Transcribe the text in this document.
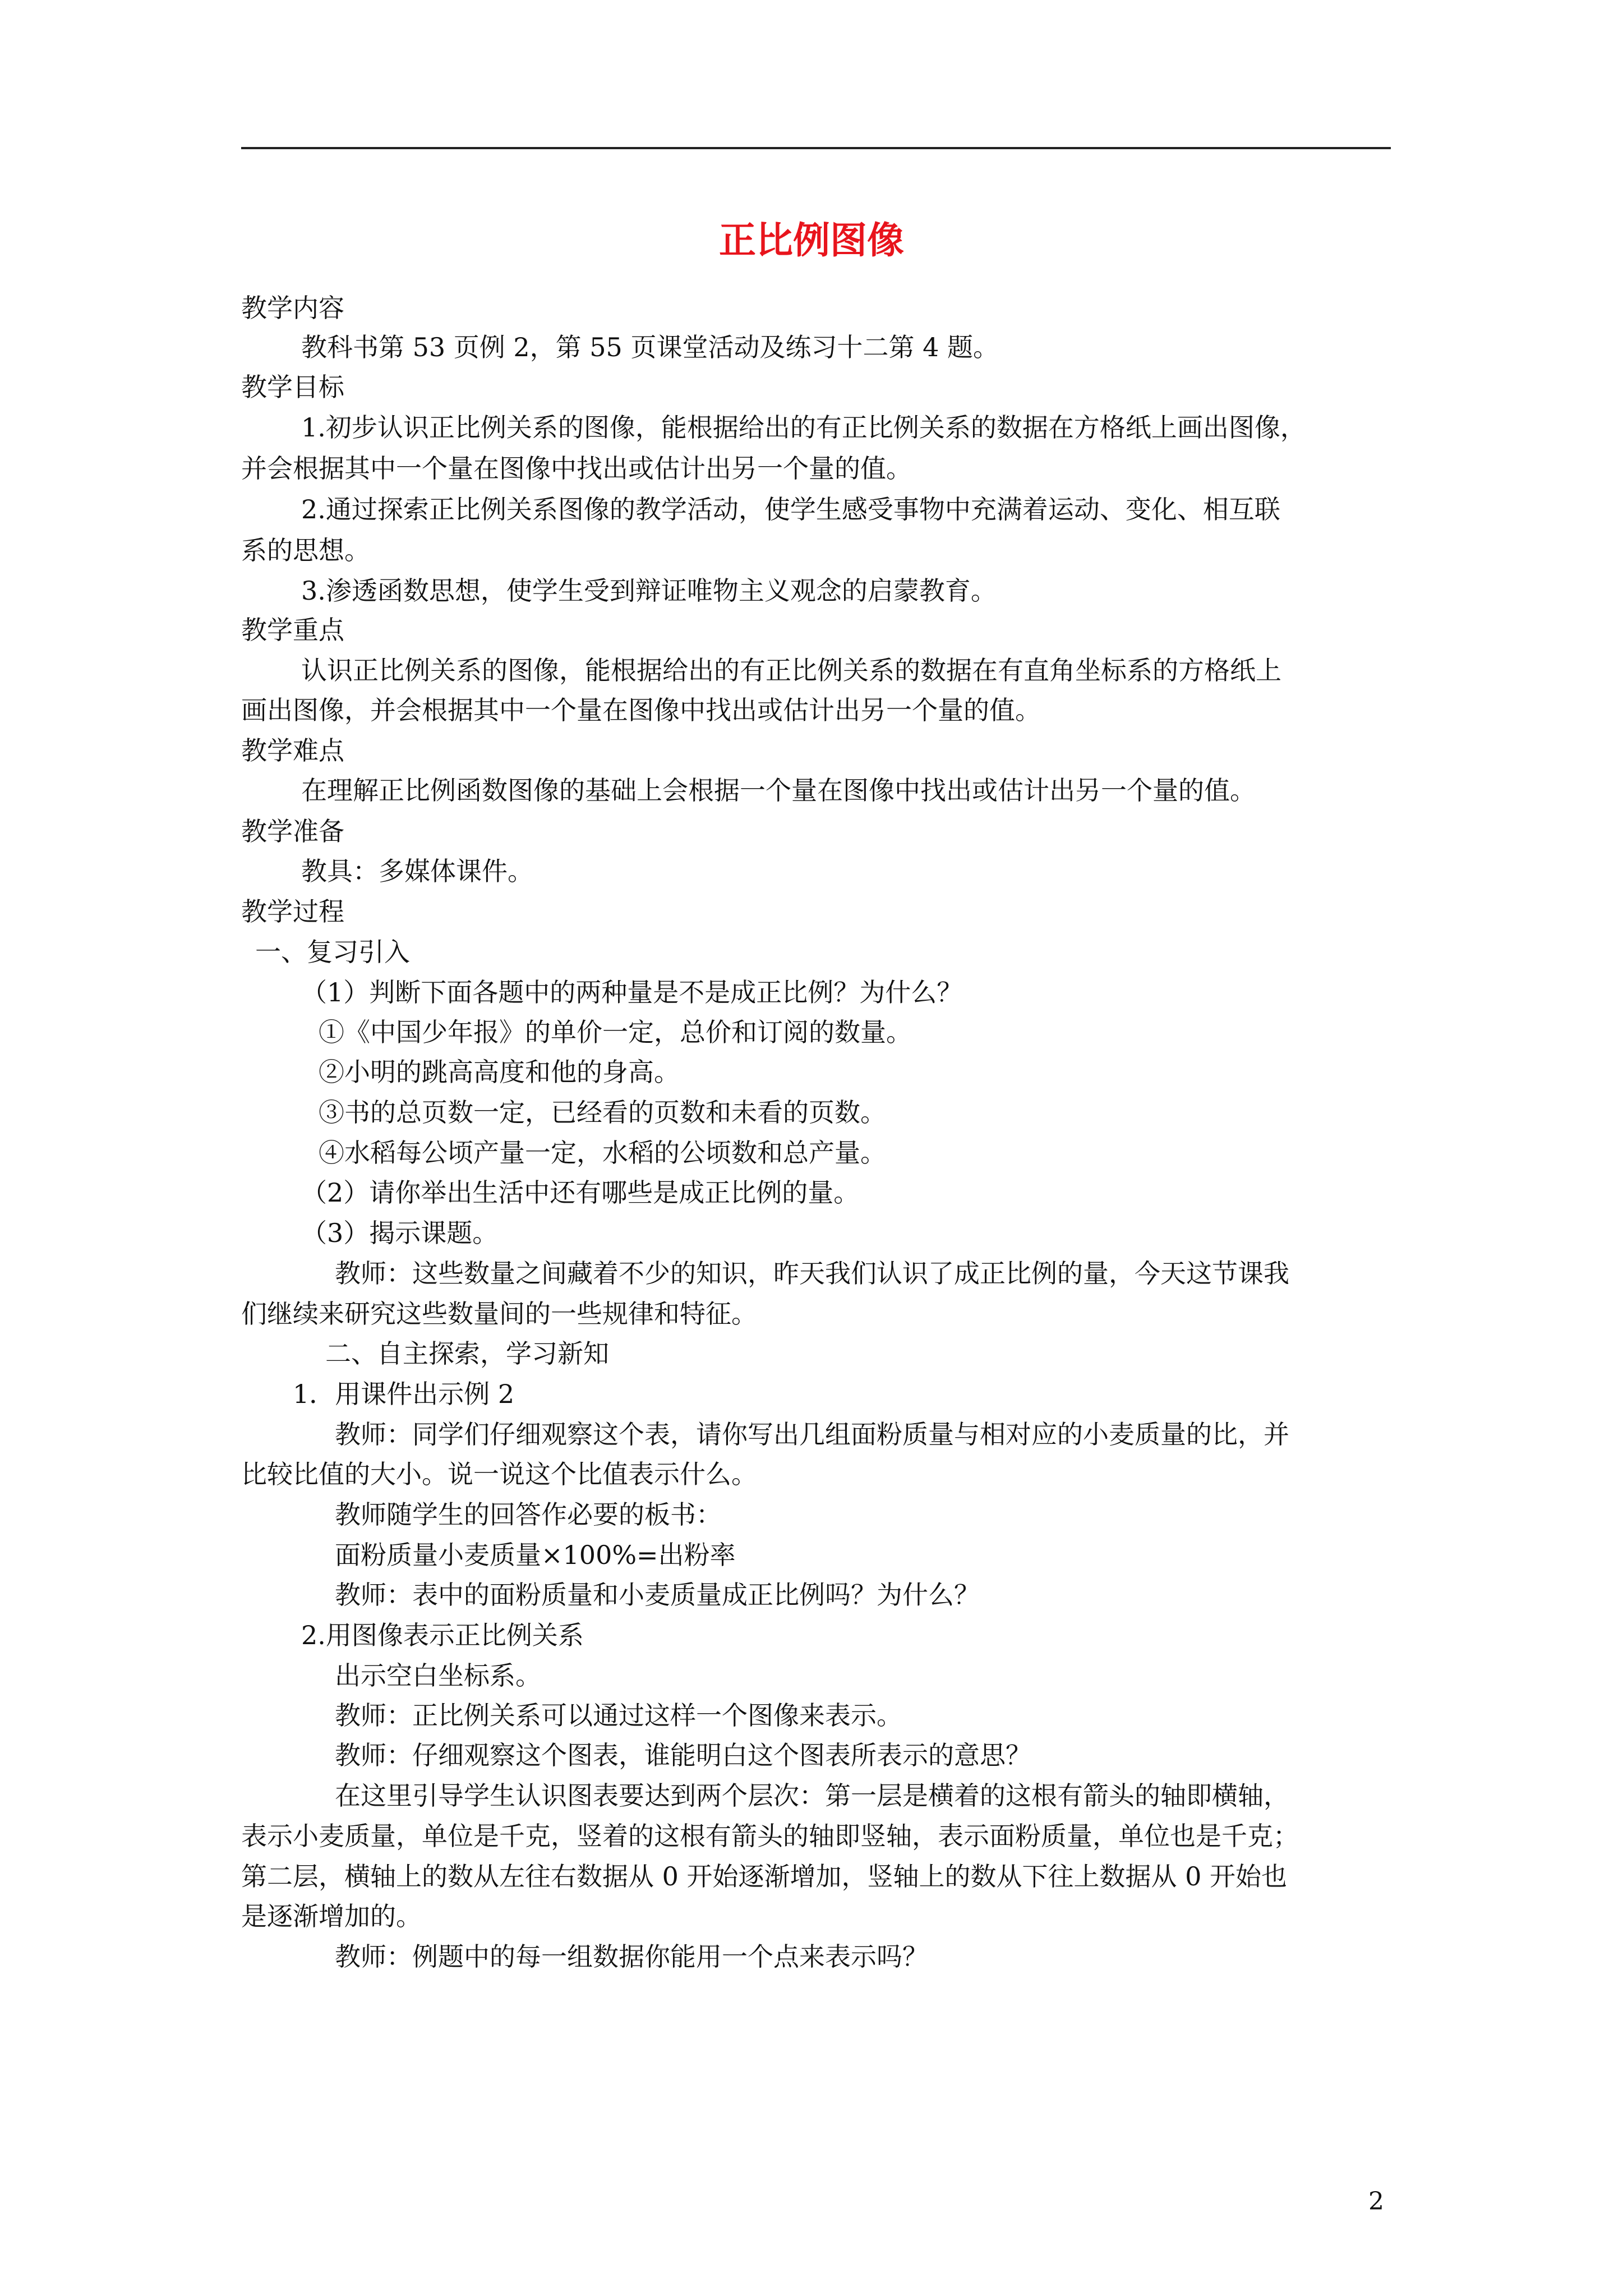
正比例图像
教学内容
教科书第 53 页例 2，第 55 页课堂活动及练习十二第 4 题。
教学目标
1.初步认识正比例关系的图像，能根据给出的有正比例关系的数据在方格纸上画出图像，
并会根据其中一个量在图像中找出或估计出另一个量的值。
2.通过探索正比例关系图像的教学活动，使学生感受事物中充满着运动、变化、相互联
系的思想。
3.渗透函数思想，使学生受到辩证唯物主义观念的启蒙教育。
教学重点
认识正比例关系的图像，能根据给出的有正比例关系的数据在有直角坐标系的方格纸上
画出图像，并会根据其中一个量在图像中找出或估计出另一个量的值。
教学难点
在理解正比例函数图像的基础上会根据一个量在图像中找出或估计出另一个量的值。
教学准备
教具：多媒体课件。
教学过程
一、复习引入
（1）判断下面各题中的两种量是不是成正比例？为什么？
①《中国少年报》的单价一定，总价和订阅的数量。
②小明的跳高高度和他的身高。
③书的总页数一定，已经看的页数和未看的页数。
④水稻每公顷产量一定，水稻的公顷数和总产量。
（2）请你举出生活中还有哪些是成正比例的量。
（3）揭示课题。
教师：这些数量之间藏着不少的知识，昨天我们认识了成正比例的量，今天这节课我
们继续来研究这些数量间的一些规律和特征。
二、自主探索，学习新知
1．用课件出示例 2
教师：同学们仔细观察这个表，请你写出几组面粉质量与相对应的小麦质量的比，并
比较比值的大小。说一说这个比值表示什么。
教师随学生的回答作必要的板书：
面粉质量小麦质量×100%=出粉率
教师：表中的面粉质量和小麦质量成正比例吗？为什么？
2.用图像表示正比例关系
出示空白坐标系。
教师：正比例关系可以通过这样一个图像来表示。
教师：仔细观察这个图表，谁能明白这个图表所表示的意思？
在这里引导学生认识图表要达到两个层次：第一层是横着的这根有箭头的轴即横轴，
表示小麦质量，单位是千克，竖着的这根有箭头的轴即竖轴，表示面粉质量，单位也是千克；
第二层，横轴上的数从左往右数据从 0 开始逐渐增加，竖轴上的数从下往上数据从 0 开始也
是逐渐增加的。
教师：例题中的每一组数据你能用一个点来表示吗？
2
